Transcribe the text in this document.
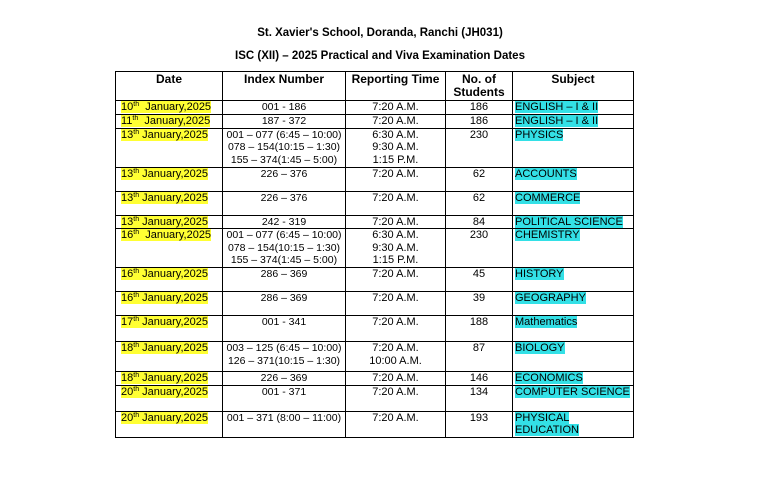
St. Xavier's School, Doranda, Ranchi (JH031)
ISC (XII) – 2025 Practical and Viva Examination Dates
Date	Index Number	Reporting Time	No. of Students	Subject
10th  January,2025	001 - 186	7:20 A.M.	186	ENGLISH – I & II
11th  January,2025	187 - 372	7:20 A.M.	186	ENGLISH – I & II
13th January,2025	001 – 077 (6:45 – 10:00)
078 – 154(10:15 – 1:30)
155 – 374(1:45 – 5:00)	6:30 A.M.
9:30 A.M.
1:15 P.M.	230	PHYSICS
13th January,2025	226 – 376	7:20 A.M.	62	ACCOUNTS
13th January,2025	226 – 376	7:20 A.M.	62	COMMERCE
13th January,2025	242 - 319	7:20 A.M.	84	POLITICAL SCIENCE
16th  January,2025	001 – 077 (6:45 – 10:00)
078 – 154(10:15 – 1:30)
155 – 374(1:45 – 5:00)	6:30 A.M.
9:30 A.M.
1:15 P.M.	230	CHEMISTRY
16th January,2025	286 – 369	7:20 A.M.	45	HISTORY
16th January,2025	286 – 369	7:20 A.M.	39	GEOGRAPHY
17th January,2025	001 - 341	7:20 A.M.	188	Mathematics
18th January,2025	003 – 125 (6:45 – 10:00)
126 – 371(10:15 – 1:30)	7:20 A.M.
10:00 A.M.	87	BIOLOGY
18th January,2025	226 – 369	7:20 A.M.	146	ECONOMICS
20th January,2025	001 - 371	7:20 A.M.	134	COMPUTER SCIENCE
20th January,2025	001 – 371 (8:00 – 11:00)	7:20 A.M.	193	PHYSICAL EDUCATION
